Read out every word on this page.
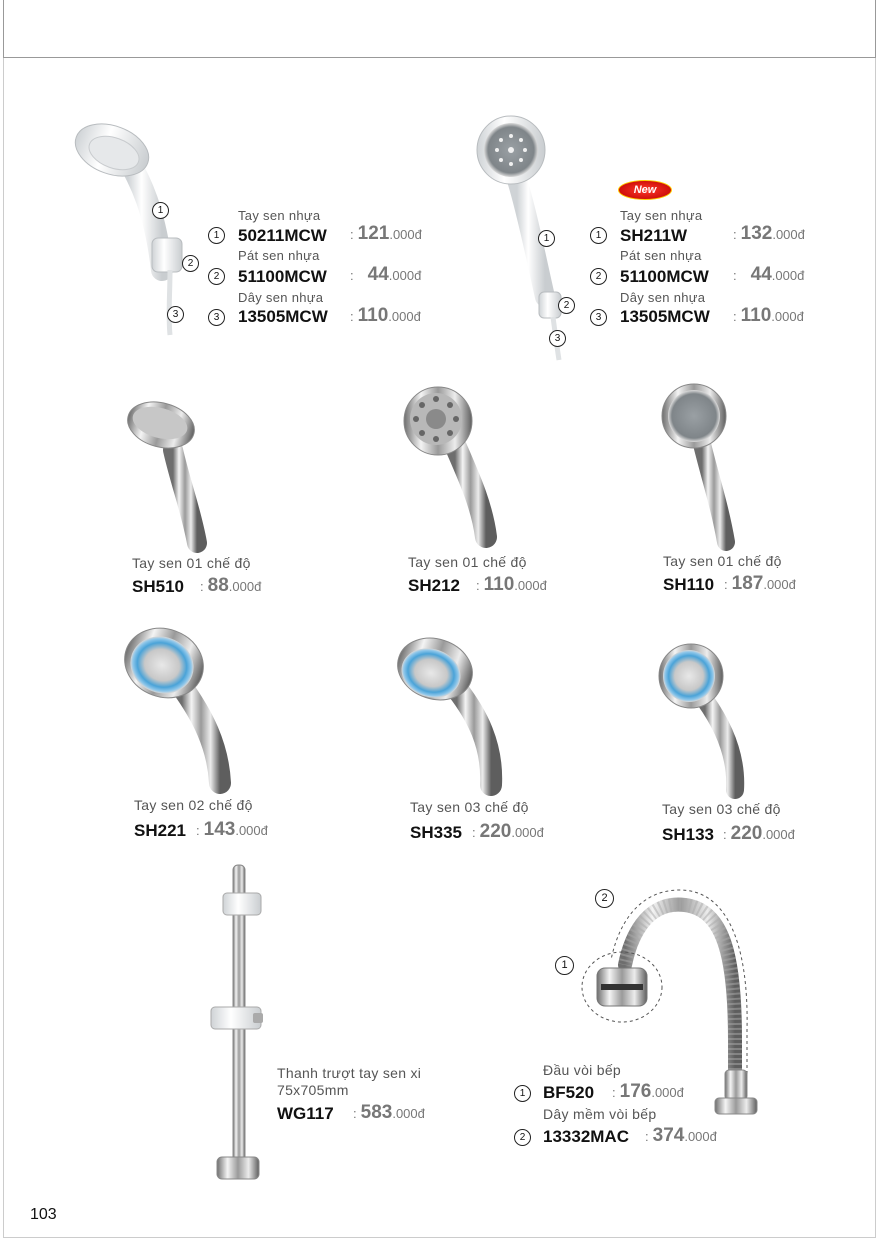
1
2
3
Tay sen nhựa
1	50211MCW : 121.000đ
Pát sen nhựa
2	51100MCW : 44.000đ
Dây sen nhựa
3	13505MCW : 110.000đ
New
1
2
3
Tay sen nhựa
1	SH211W	: 132.000đ
Pát sen nhựa
2	51100MCW : 44.000đ
Dây sen nhựa
3	13505MCW : 110.000đ
Tay sen 01 chế độ
SH510 : 88.000đ
Tay sen 01 chế độ
SH212 : 110.000đ
Tay sen 01 chế độ
SH110 : 187.000đ
Tay sen 02 chế độ
SH221 : 143.000đ
Tay sen 03 chế độ
SH335 : 220.000đ
Tay sen 03 chế độ
SH133 : 220.000đ
Thanh trượt tay sen xi
75x705mm
WG117 : 583.000đ
2
1
Đầu vòi bếp
1	BF520 : 176.000đ
Dây mềm vòi bếp
2	13332MAC : 374.000đ
103
